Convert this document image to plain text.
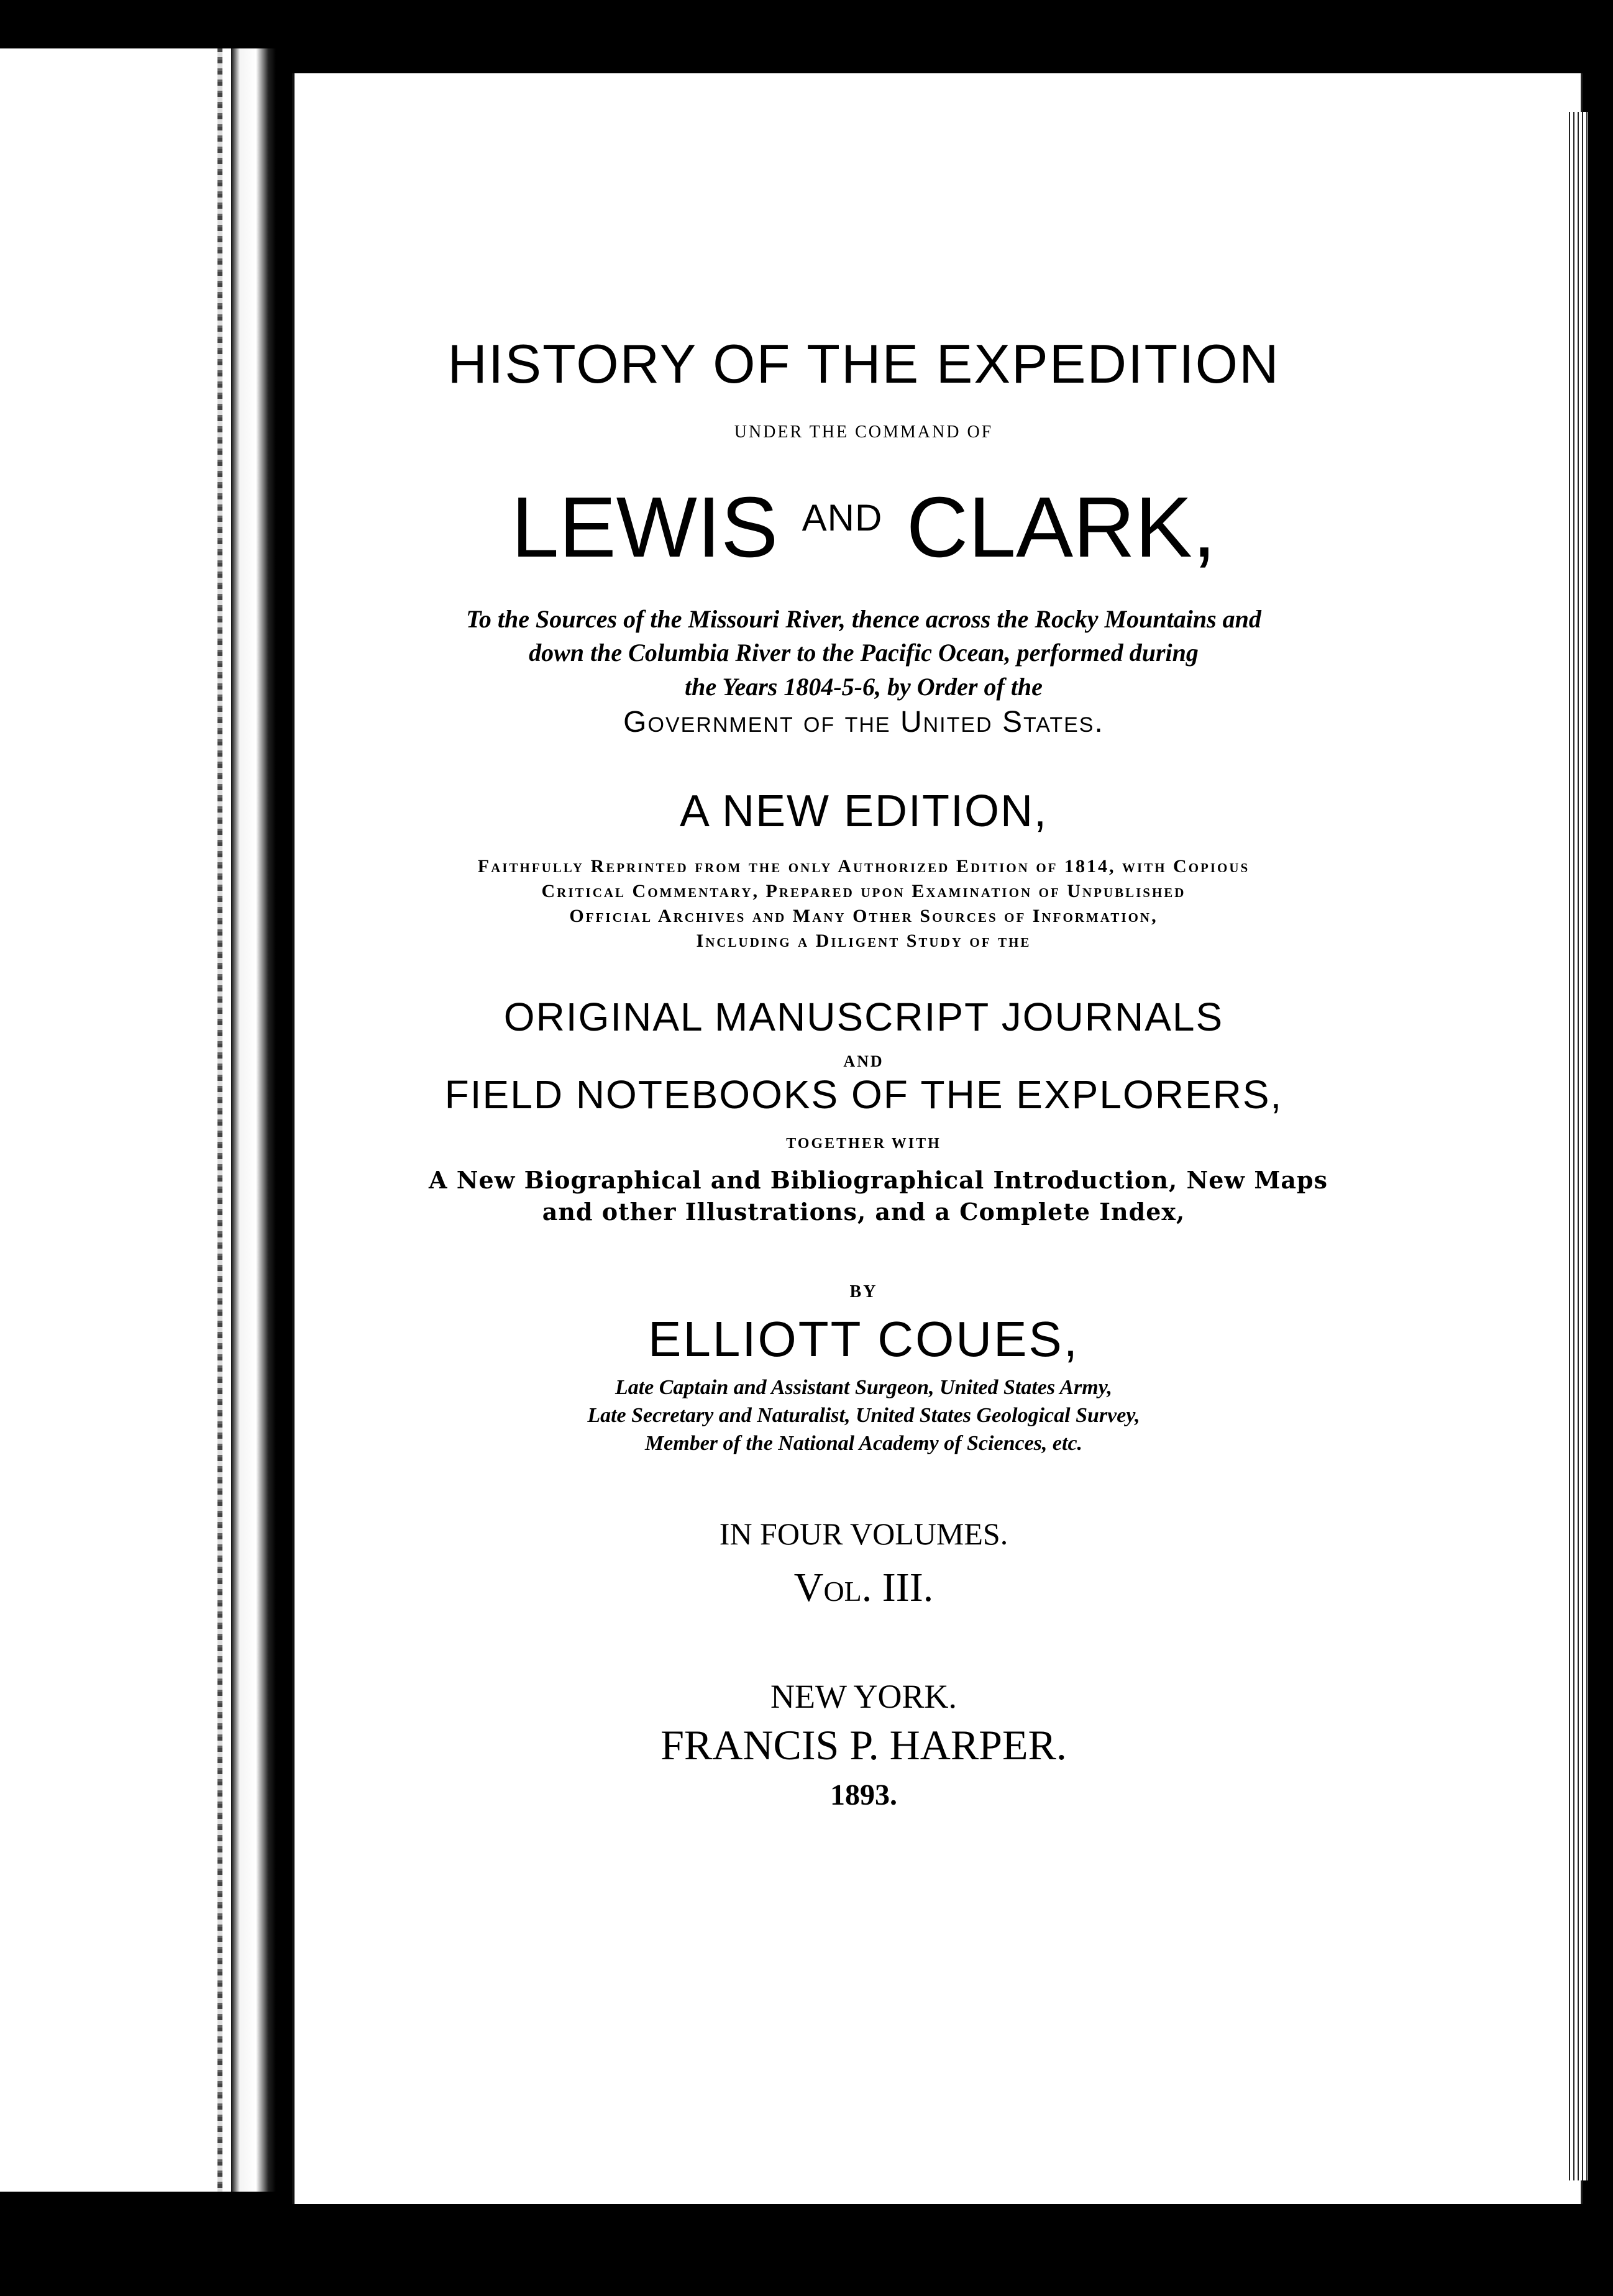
HISTORY OF THE EXPEDITION
UNDER THE COMMAND OF
LEWIS $^{AND}$ CLARK,
To the Sources of the Missouri River, thence across the Rocky Mountains and
down the Columbia River to the Pacific Ocean, performed during
the Years 1804-5-6, by Order of the
Government of the United States.
A NEW EDITION,
Faithfully Reprinted from the only Authorized Edition of 1814, with Copious
Critical Commentary, Prepared upon Examination of Unpublished
Official Archives and Many Other Sources of Information,
Including a Diligent Study of the
ORIGINAL MANUSCRIPT JOURNALS
AND
FIELD NOTEBOOKS OF THE EXPLORERS,
TOGETHER WITH
A New Biographical and Bibliographical Introduction, New Maps
and other Illustrations, and a Complete Index,
BY
ELLIOTT COUES,
Late Captain and Assistant Surgeon, United States Army,
Late Secretary and Naturalist, United States Geological Survey,
Member of the National Academy of Sciences, etc.
IN FOUR VOLUMES.
Vol. III.
NEW YORK.
FRANCIS P. HARPER.
1893.
